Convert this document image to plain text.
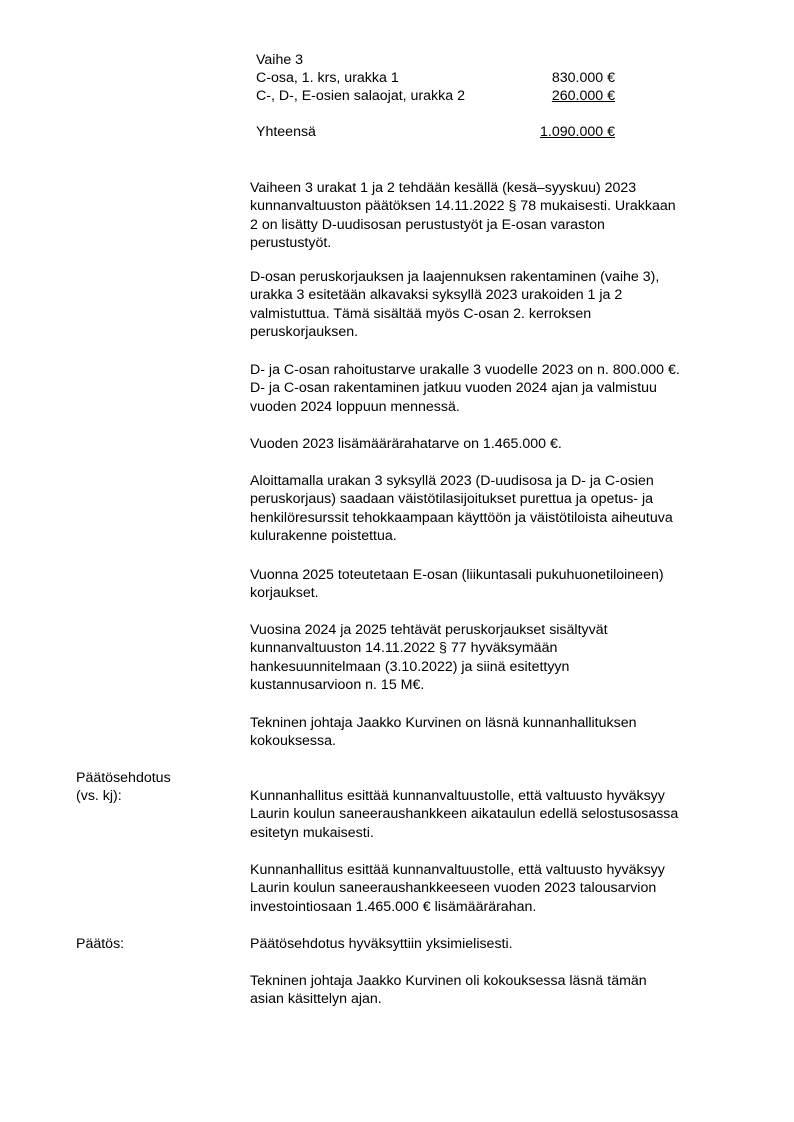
Vaihe 3
C-osa, 1. krs, urakka 1	830.000 €
C-, D-, E-osien salaojat, urakka 2	260.000 €
Yhteensä	1.090.000 €
Vaiheen 3 urakat 1 ja 2 tehdään kesällä (kesä–syyskuu) 2023
kunnanvaltuuston päätöksen 14.11.2022 § 78 mukaisesti. Urakkaan
2 on lisätty D-uudisosan perustustyöt ja E-osan varaston
perustustyöt.
D-osan peruskorjauksen ja laajennuksen rakentaminen (vaihe 3),
urakka 3 esitetään alkavaksi syksyllä 2023 urakoiden 1 ja 2
valmistuttua. Tämä sisältää myös C-osan 2. kerroksen
peruskorjauksen.
D- ja C-osan rahoitustarve urakalle 3 vuodelle 2023 on n. 800.000 €.
D- ja C-osan rakentaminen jatkuu vuoden 2024 ajan ja valmistuu
vuoden 2024 loppuun mennessä.
Vuoden 2023 lisämäärärahatarve on 1.465.000 €.
Aloittamalla urakan 3 syksyllä 2023 (D-uudisosa ja D- ja C-osien
peruskorjaus) saadaan väistötilasijoitukset purettua ja opetus- ja
henkilöresurssit tehokkaampaan käyttöön ja väistötiloista aiheutuva
kulurakenne poistettua.
Vuonna 2025 toteutetaan E-osan (liikuntasali pukuhuonetiloineen)
korjaukset.
Vuosina 2024 ja 2025 tehtävät peruskorjaukset sisältyvät
kunnanvaltuuston 14.11.2022 § 77 hyväksymään
hankesuunnitelmaan (3.10.2022) ja siinä esitettyyn
kustannusarvioon n. 15 M€.
Tekninen johtaja Jaakko Kurvinen on läsnä kunnanhallituksen
kokouksessa.
Päätösehdotus
(vs. kj):	Kunnanhallitus esittää kunnanvaltuustolle, että valtuusto hyväksyy
Laurin koulun saneeraushankkeen aikataulun edellä selostusosassa
esitetyn mukaisesti.
Kunnanhallitus esittää kunnanvaltuustolle, että valtuusto hyväksyy
Laurin koulun saneeraushankkeeseen vuoden 2023 talousarvion
investointiosaan 1.465.000 € lisämäärärahan.
Päätös:	Päätösehdotus hyväksyttiin yksimielisesti.
Tekninen johtaja Jaakko Kurvinen oli kokouksessa läsnä tämän
asian käsittelyn ajan.
